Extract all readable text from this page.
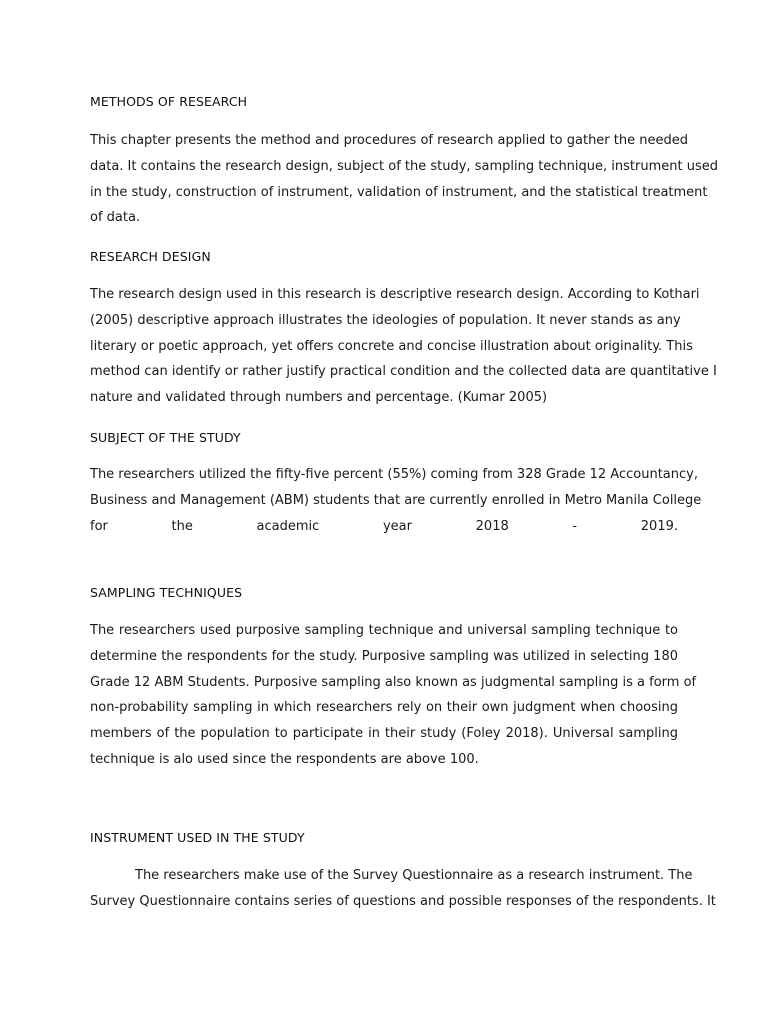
METHODS OF RESEARCH
This chapter presents the method and procedures of research applied to gather the needed
data. It contains the research design, subject of the study, sampling technique, instrument used
in the study, construction of instrument, validation of instrument, and the statistical treatment
of data.
RESEARCH DESIGN
The research design used in this research is descriptive research design. According to Kothari
(2005) descriptive approach illustrates the ideologies of population. It never stands as any
literary or poetic approach, yet offers concrete and concise illustration about originality. This
method can identify or rather justify practical condition and the collected data are quantitative I
nature and validated through numbers and percentage. (Kumar 2005)
SUBJECT OF THE STUDY
The researchers utilized the fifty-five percent (55%) coming from 328 Grade 12 Accountancy,
Business and Management (ABM) students that are currently enrolled in Metro Manila College
for the academic year 2018 - 2019.
SAMPLING TECHNIQUES
The researchers used purposive sampling technique and universal sampling technique to
determine the respondents for the study. Purposive sampling was utilized in selecting 180
Grade 12 ABM Students. Purposive sampling also known as judgmental sampling is a form of
non-probability sampling in which researchers rely on their own judgment when choosing
members of the population to participate in their study (Foley 2018). Universal sampling
technique is alo used since the respondents are above 100.
INSTRUMENT USED IN THE STUDY
The researchers make use of the Survey Questionnaire as a research instrument. The
Survey Questionnaire contains series of questions and possible responses of the respondents. It
